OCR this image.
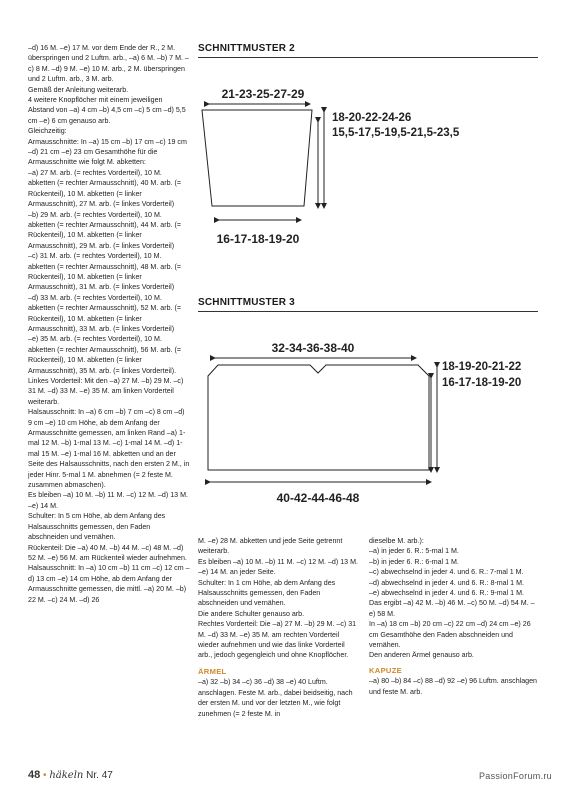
–d) 16 M. –e) 17 M. vor dem Ende der R., 2 M. überspringen und 2 Luftm. arb., –a) 6 M. –b) 7 M. –c) 8 M. –d) 9 M. –e) 10 M. arb., 2 M. überspringen und 2 Luftm. arb., 3 M. arb.

Gemäß der Anleitung weiterarb.

4 weitere Knopflöcher mit einem jeweiligen Abstand von –a) 4 cm –b) 4,5 cm –c) 5 cm –d) 5,5 cm –e) 6 cm genauso arb.

Gleichzeitig:

Armausschnitte: In –a) 15 cm –b) 17 cm –c) 19 cm –d) 21 cm –e) 23 cm Gesamthöhe für die Armausschnitte wie folgt M. abketten:

–a) 27 M. arb. (= rechtes Vorderteil), 10 M. abketten (= rechter Armausschnitt), 40 M. arb. (= Rückenteil), 10 M. abketten (= linker Armausschnitt), 27 M. arb. (= linkes Vorderteil)

–b) 29 M. arb. (= rechtes Vorderteil), 10 M. abketten (= rechter Armausschnitt), 44 M. arb. (= Rückenteil), 10 M. abketten (= linker Armausschnitt), 29 M. arb. (= linkes Vorderteil)

–c) 31 M. arb. (= rechtes Vorderteil), 10 M. abketten (= rechter Armausschnitt), 48 M. arb. (= Rückenteil), 10 M. abketten (= linker Armausschnitt), 31 M. arb. (= linkes Vorderteil)

–d) 33 M. arb. (= rechtes Vorderteil), 10 M. abketten (= rechter Armausschnitt), 52 M. arb. (= Rückenteil), 10 M. abketten (= linker Armausschnitt), 33 M. arb. (= linkes Vorderteil)

–e) 35 M. arb. (= rechtes Vorderteil), 10 M. abketten (= rechter Armausschnitt), 56 M. arb. (= Rückenteil), 10 M. abketten (= linker Armausschnitt), 35 M. arb. (= linkes Vorderteil).

Linkes Vorderteil: Mit den –a) 27 M. –b) 29 M. –c) 31 M. –d) 33 M. –e) 35 M. am linken Vorderteil weiterarb.

Halsausschnitt: In –a) 6 cm –b) 7 cm –c) 8 cm –d) 9 cm –e) 10 cm Höhe, ab dem Anfang der Armausschnitte gemessen, am linken Rand –a) 1-mal 12 M. –b) 1-mal 13 M. –c) 1-mal 14 M. –d) 1-mal 15 M. –e) 1-mal 16 M. abketten und an der Seite des Halsausschnitts, nach den ersten 2 M., in jeder Hinr. 5-mal 1 M. abnehmen (= 2 feste M. zusammen abmaschen).

Es bleiben –a) 10 M. –b) 11 M. –c) 12 M. –d) 13 M. –e) 14 M.

Schulter: In 5 cm Höhe, ab dem Anfang des Halsausschnitts gemessen, den Faden abschneiden und vernähen.

Rückenteil: Die –a) 40 M. –b) 44 M. –c) 48 M. –d) 52 M. –e) 56 M. am Rückenteil wieder aufnehmen.

Halsausschnitt: In –a) 10 cm –b) 11 cm –c) 12 cm –d) 13 cm –e) 14 cm Höhe, ab dem Anfang der Armausschnitte gemessen, die mittl. –a) 20 M. –b) 22 M. –c) 24 M. –d) 26

SCHNITTMUSTER 2
21-23-25-27-29
16-17-18-19-20
18-20-22-24-26
15,5-17,5-19,5-21,5-23,5
SCHNITTMUSTER 3
32-34-36-38-40
18-19-20-21-22
16-17-18-19-20
40-42-44-46-48

M. –e) 28 M. abketten und jede Seite getrennt weiterarb.

Es bleiben –a) 10 M. –b) 11 M. –c) 12 M. –d) 13 M. –e) 14 M. an jeder Seite.

Schulter: In 1 cm Höhe, ab dem Anfang des Halsausschnitts gemessen, den Faden abschneiden und vernähen.

Die andere Schulter genauso arb.

Rechtes Vorderteil: Die –a) 27 M. –b) 29 M. –c) 31 M. –d) 33 M. –e) 35 M. am rechten Vorderteil wieder aufnehmen und wie das linke Vorderteil arb., jedoch gegengleich und ohne Knopflöcher.

ÄRMEL

–a) 32 –b) 34 –c) 36 –d) 38 –e) 40 Luftm. anschlagen. Feste M. arb., dabei beidseitig, nach der ersten M. und vor der letzten M., wie folgt zunehmen (= 2 feste M. in

dieselbe M. arb.):

–a) in jeder 6. R.: 5-mal 1 M.

–b) in jeder 6. R.: 6-mal 1 M.

–c) abwechselnd in jeder 4. und 6. R.: 7-mal 1 M.

–d) abwechselnd in jeder 4. und 6. R.: 8-mal 1 M.

–e) abwechselnd in jeder 4. und 6. R.: 9-mal 1 M.

Das ergibt –a) 42 M. –b) 46 M. –c) 50 M. –d) 54 M. –e) 58 M.

In –a) 18 cm –b) 20 cm –c) 22 cm –d) 24 cm –e) 26 cm Gesamthöhe den Faden abschneiden und vernähen.

Den anderen Ärmel genauso arb.

KAPUZE

–a) 80 –b) 84 –c) 88 –d) 92 –e) 96 Luftm. anschlagen und feste M. arb.

48 • häkeln Nr. 47	PassionForum.ru
